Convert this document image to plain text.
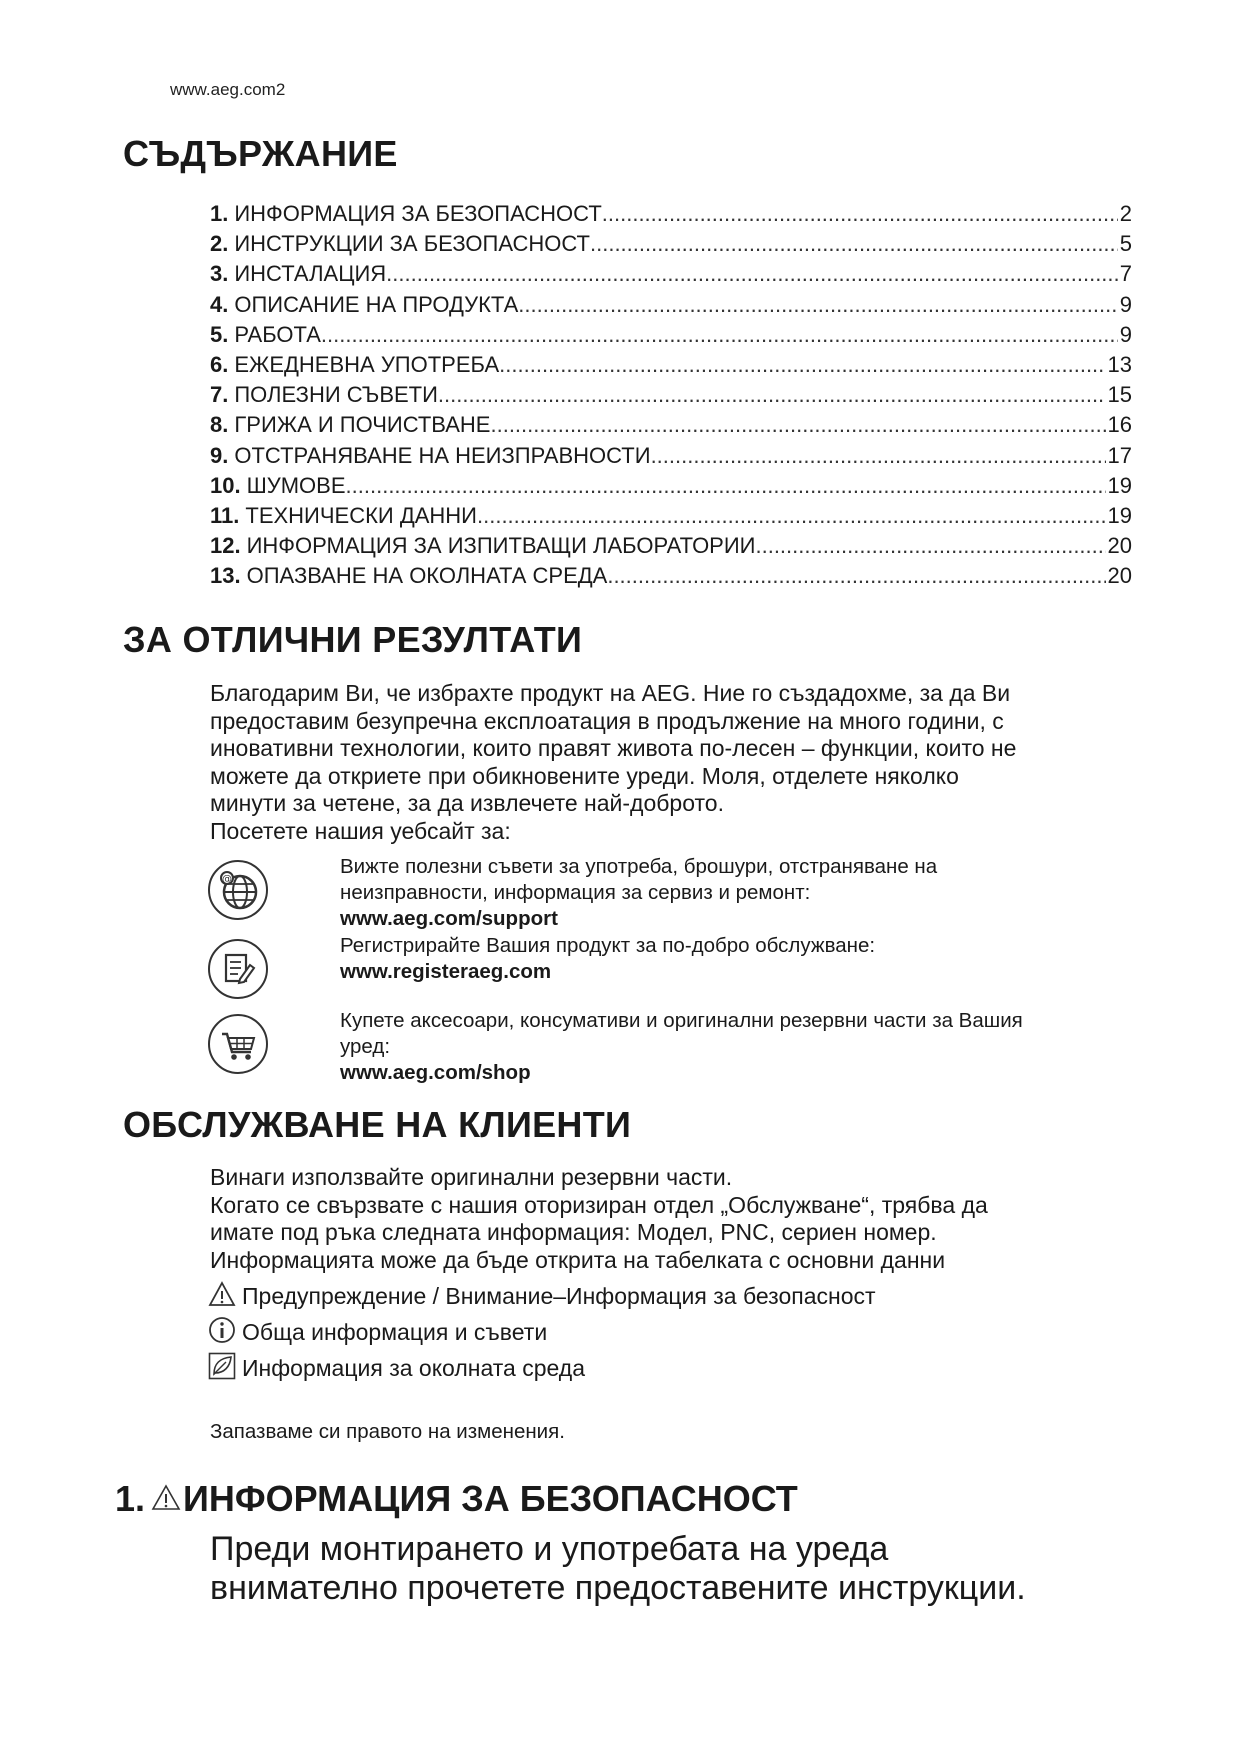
www.aeg.com2
СЪДЪРЖАНИЕ
1. ИНФОРМАЦИЯ ЗА БЕЗОПАСНОСТ .....	2
2. ИНСТРУКЦИИ ЗА БЕЗОПАСНОСТ .....	5
3. ИНСТАЛАЦИЯ .....	7
4. ОПИСАНИЕ НА ПРОДУКТА .....	9
5. РАБОТА .....	9
6. ЕЖЕДНЕВНА УПОТРЕБА .....	13
7. ПОЛЕЗНИ СЪВЕТИ .....	15
8. ГРИЖА И ПОЧИСТВАНЕ .....	16
9. ОТСТРАНЯВАНЕ НА НЕИЗПРАВНОСТИ .....	17
10. ШУМОВЕ .....	19
11. ТЕХНИЧЕСКИ ДАННИ .....	19
12. ИНФОРМАЦИЯ ЗА ИЗПИТВАЩИ ЛАБОРАТОРИИ .....	20
13. ОПАЗВАНЕ НА ОКОЛНАТА СРЕДА .....	20
ЗА ОТЛИЧНИ РЕЗУЛТАТИ
Благодарим Ви, че избрахте продукт на AEG. Ние го създадохме, за да Ви
предоставим безупречна експлоатация в продължение на много години, с
иновативни технологии, които правят живота по-лесен – функции, които не
можете да откриете при обикновените уреди. Моля, отделете няколко
минути за четене, за да извлечете най-доброто.
Посетете нашия уебсайт за:
@
Вижте полезни съвети за употреба, брошури, отстраняване на
неизправности, информация за сервиз и ремонт:
www.aeg.com/support
Регистрирайте Вашия продукт за по-добро обслужване:
www.registeraeg.com
Купете аксесоари, консумативи и оригинални резервни части за Вашия
уред:
www.aeg.com/shop
ОБСЛУЖВАНЕ НА КЛИЕНТИ
Винаги използвайте оригинални резервни части.
Когато се свързвате с нашия оторизиран отдел „Обслужване“, трябва да
имате под ръка следната информация: Модел, PNC, сериен номер.
Информацията може да бъде открита на табелката с основни данни
Предупреждение / Внимание–Информация за безопасност
Обща информация и съвети
Информация за околната среда
Запазваме си правото на изменения.
1. ИНФОРМАЦИЯ ЗА БЕЗОПАСНОСТ
Преди монтирането и употребата на уреда
внимателно прочетете предоставените инструкции.
